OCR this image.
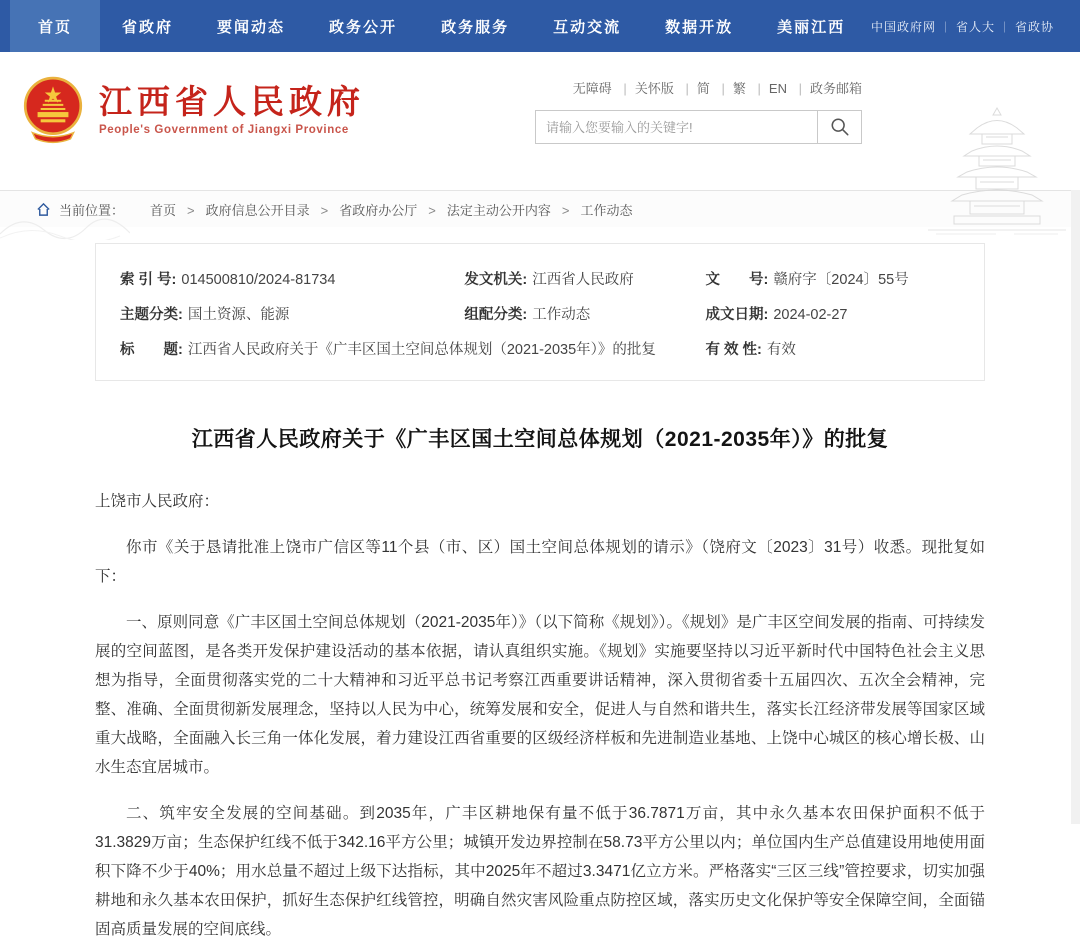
首页	省政府	要闻动态	政务公开	政务服务	互动交流	数据开放	美丽江西	中国政府网	｜ 省人大	｜ 省政协
江西省人民政府
People's Government of Jiangxi Province
无障碍 | 关怀版 | 简 | 繁 | EN | 政务邮箱
请输入您要输入的关键字!
当前位置： 首页	> 政府信息公开目录	> 省政府办公厅	> 法定主动公开内容	> 工作动态
索 引 号: 014500810/2024-81734	发文机关: 江西省人民政府	文　　号: 赣府字〔2024〕55号
主题分类: 国土资源、能源	组配分类: 工作动态	成文日期: 2024-02-27
标　　题: 江西省人民政府关于《广丰区国土空间总体规划（2021-2035年）》的批复	有 效 性: 有效
江西省人民政府关于《广丰区国土空间总体规划（2021-2035年）》的批复

上饶市人民政府：

你市《关于恳请批准上饶市广信区等11个县（市、区）国土空间总体规划的请示》（饶府文〔2023〕31号）收悉。现批复如下：

一、原则同意《广丰区国土空间总体规划（2021-2035年）》（以下简称《规划》）。《规划》是广丰区空间发展的指南、可持续发展的空间蓝图，是各类开发保护建设活动的基本依据，请认真组织实施。《规划》实施要坚持以习近平新时代中国特色社会主义思想为指导，全面贯彻落实党的二十大精神和习近平总书记考察江西重要讲话精神，深入贯彻省委十五届四次、五次全会精神，完整、准确、全面贯彻新发展理念，坚持以人民为中心，统筹发展和安全，促进人与自然和谐共生，落实长江经济带发展等国家区域重大战略，全面融入长三角一体化发展，着力建设江西省重要的区级经济样板和先进制造业基地、上饶中心城区的核心增长极、山水生态宜居城市。

二、筑牢安全发展的空间基础。到2035年，广丰区耕地保有量不低于36.7871万亩，其中永久基本农田保护面积不低于31.3829万亩；生态保护红线不低于342.16平方公里；城镇开发边界控制在58.73平方公里以内；单位国内生产总值建设用地使用面积下降不少于40%；用水总量不超过上级下达指标，其中2025年不超过3.3471亿立方米。严格落实“三区三线”管控要求，切实加强耕地和永久基本农田保护，抓好生态保护红线管控，明确自然灾害风险重点防控区域，落实历史文化保护等安全保障空间，全面锚固高质量发展的空间底线。
